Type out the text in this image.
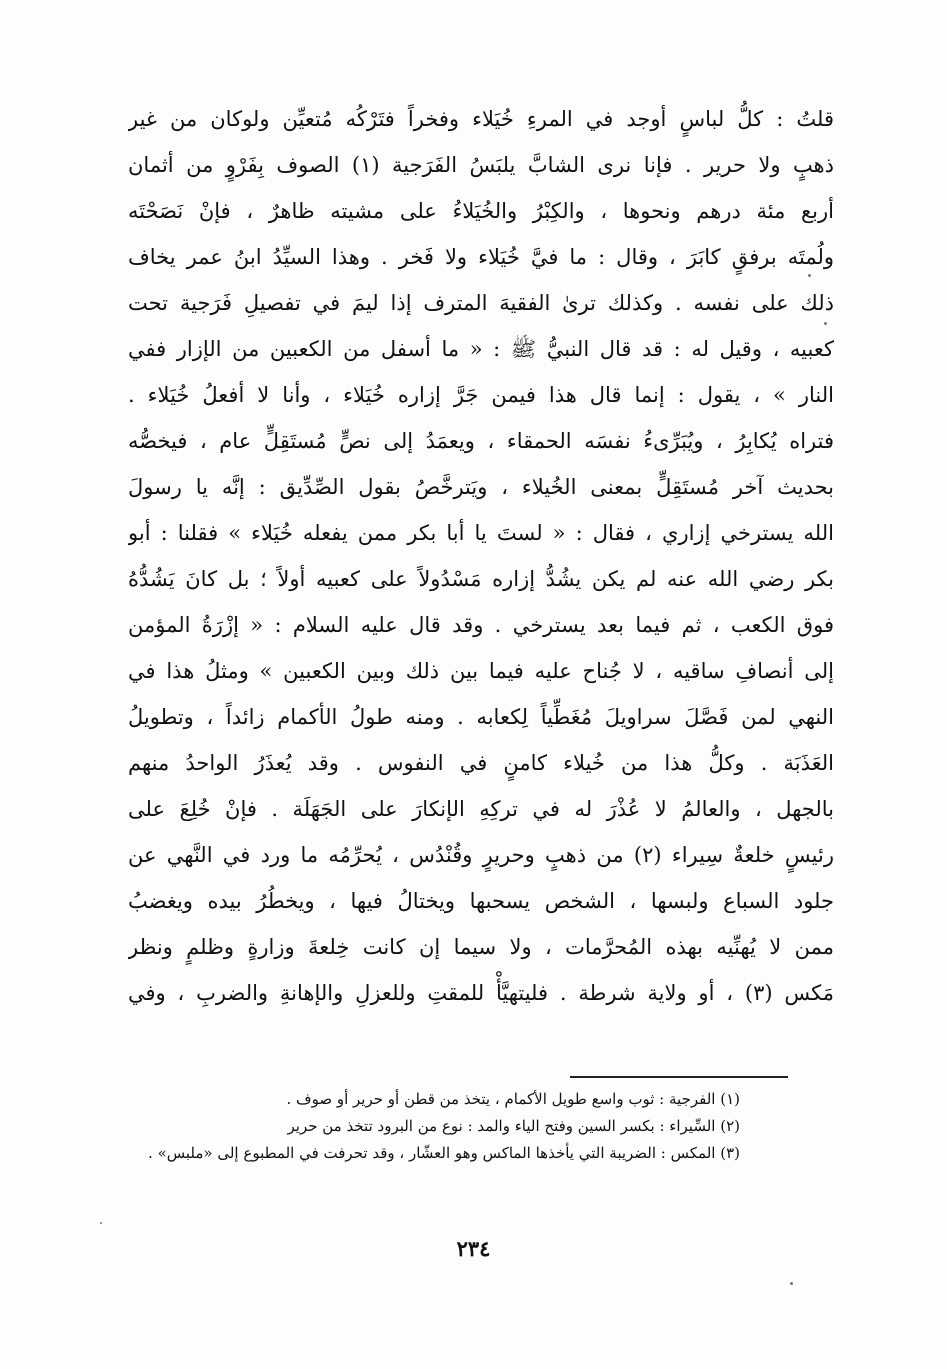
قلتُ : كلُّ لباسٍ أوجد في المرءِ خُيَلاء وفخراً فتَرْكُه مُتعيِّن ولوكان من غير
ذهبٍ ولا حرير . فإنا نرى الشابَّ يلبَسُ الفَرَجية (١) الصوف بِفَرْوٍ من أثمان
أربع مئة درهم ونحوها ، والكِبْرُ والخُيَلاءُ على مشيته ظاهرٌ ، فإنْ نَصَحْتَه
ولُمتَه برفقٍ كابَرَ ، وقال : ما فيَّ خُيَلاء ولا فَخر . وهذا السيِّدُ ابنُ عمر يخاف
ذلك على نفسه . وكذلك ترىٰ الفقيهَ المترف إذا ليمَ في تفصيلِ فَرَجية تحت
كعبيه ، وقيل له : قد قال النبيُّ ﷺ : « ما أسفل من الكعبين من الإزار ففي
النار » ، يقول : إنما قال هذا فيمن جَرَّ إزاره خُيَلاء ، وأنا لا أفعلُ خُيَلاء .
فتراه يُكابِرُ ، ويُبَرِّىءُ نفسَه الحمقاء ، ويعمَدُ إلى نصٍّ مُستَقِلٍّ عام ، فيخصُّه
بحديث آخر مُستَقِلٍّ بمعنى الخُيلاء ، ويَترخَّصُ بقول الصِّدِّيق : إنَّه يا رسولَ
الله يسترخي إزاري ، فقال : « لستَ يا أبا بكر ممن يفعله خُيَلاء » فقلنا : أبو
بكر رضي الله عنه لم يكن يشُدُّ إزاره مَسْدُولاً على كعبيه أولاً ؛ بل كانَ يَشُدُّهُ
فوق الكعب ، ثم فيما بعد يسترخي . وقد قال عليه السلام : « إزْرَةُ المؤمن
إلى أنصافِ ساقيه ، لا جُناح عليه فيما بين ذلك وبين الكعبين » ومثلُ هذا في
النهي لمن فَصَّلَ سراويلَ مُغَطِّياً لِكعابه . ومنه طولُ الأكمام زائداً ، وتطويلُ
العَذَبَة . وكلُّ هذا من خُيلاء كامنٍ في النفوس . وقد يُعذَرُ الواحدُ منهم
بالجهل ، والعالمُ لا عُذْرَ له في تركِهِ الإنكارَ على الجَهَلَة . فإنْ خُلِعَ على
رئيسٍ خلعةٌ سِيراء (٢) من ذهبٍ وحريرٍ وقُنْدُس ، يُحرِّمُه ما ورد في النَّهي عن
جلود السباع ولبسها ، الشخص يسحبها ويختالُ فيها ، ويخطُرُ بيده ويغضبُ
ممن لا يُهنِّيه بهذه المُحرَّمات ، ولا سيما إن كانت خِلعةَ وزارةٍ وظلمٍ ونظر
مَكس (٣) ، أو ولاية شرطة . فليتهيَّأْ للمقتِ وللعزلِ والإهانةِ والضربِ ، وفي
(١) الفرجية : ثوب واسع طويل الأكمام ، يتخذ من قطن أو حرير أو صوف .
(٢) السِّيراء : بكسر السين وفتح الياء والمد : نوع من البرود تتخذ من حرير
(٣) المكس : الضريبة التي يأخذها الماكس وهو العشّار ، وقد تحرفت في المطبوع إلى «ملبس» .
٢٣٤
